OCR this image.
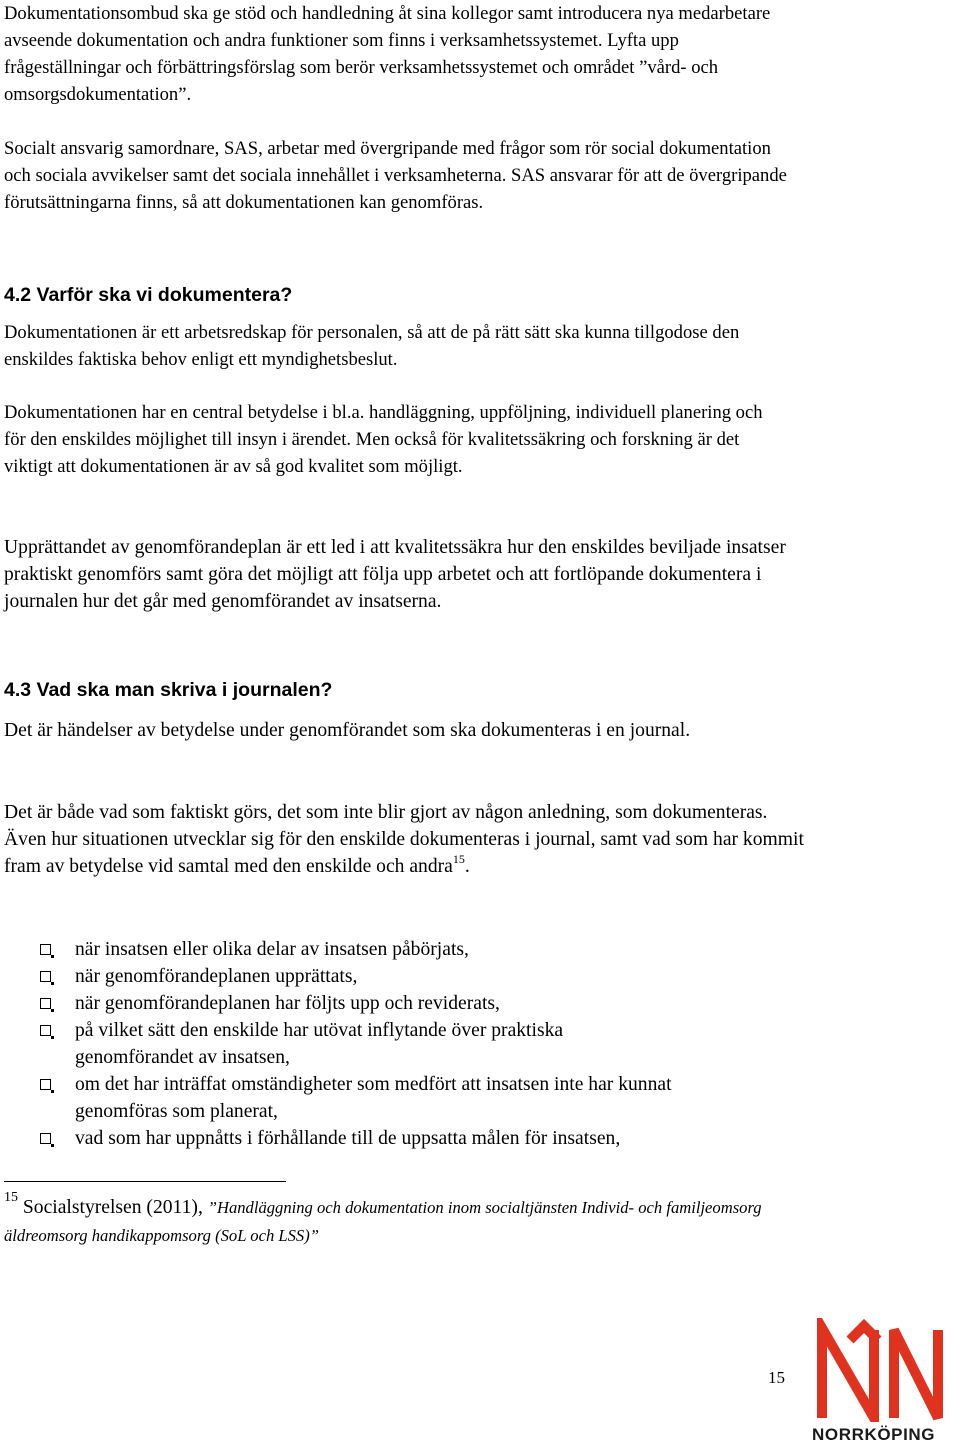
Dokumentationsombud ska ge stöd och handledning åt sina kollegor samt introducera nya medarbetare avseende dokumentation och andra funktioner som finns i verksamhetssystemet. Lyfta upp frågeställningar och förbättringsförslag som berör verksamhetssystemet och området ”vård- och omsorgsdokumentation”.

Socialt ansvarig samordnare, SAS, arbetar med övergripande med frågor som rör social dokumentation och sociala avvikelser samt det sociala innehållet i verksamheterna. SAS ansvarar för att de övergripande förutsättningarna finns, så att dokumentationen kan genomföras.

4.2 Varför ska vi dokumentera?

Dokumentationen är ett arbetsredskap för personalen, så att de på rätt sätt ska kunna tillgodose den enskildes faktiska behov enligt ett myndighetsbeslut.

Dokumentationen har en central betydelse i bl.a. handläggning, uppföljning, individuell planering och för den enskildes möjlighet till insyn i ärendet. Men också för kvalitetssäkring och forskning är det viktigt att dokumentationen är av så god kvalitet som möjligt.

Upprättandet av genomförandeplan är ett led i att kvalitetssäkra hur den enskildes beviljade insatser praktiskt genomförs samt göra det möjligt att följa upp arbetet och att fortlöpande dokumentera i journalen hur det går med genomförandet av insatserna.

4.3 Vad ska man skriva i journalen?

Det är händelser av betydelse under genomförandet som ska dokumenteras i en journal.

Det är både vad som faktiskt görs, det som inte blir gjort av någon anledning, som dokumenteras. Även hur situationen utvecklar sig för den enskilde dokumenteras i journal, samt vad som har kommit fram av betydelse vid samtal med den enskilde och andra$^{15}$.

när insatsen eller olika delar av insatsen påbörjats,
när genomförandeplanen upprättats,
när genomförandeplanen har följts upp och reviderats,
på vilket sätt den enskilde har utövat inflytande över praktiska genomförandet av insatsen,
om det har inträffat omständigheter som medfört att insatsen inte har kunnat genomföras som planerat,
vad som har uppnåtts i förhållande till de uppsatta målen för insatsen,

$^{15}$ Socialstyrelsen (2011), ”Handläggning och dokumentation inom socialtjänsten Individ- och familjeomsorg äldreomsorg handikappomsorg (SoL och LSS)”

15
NORRKÖPING
